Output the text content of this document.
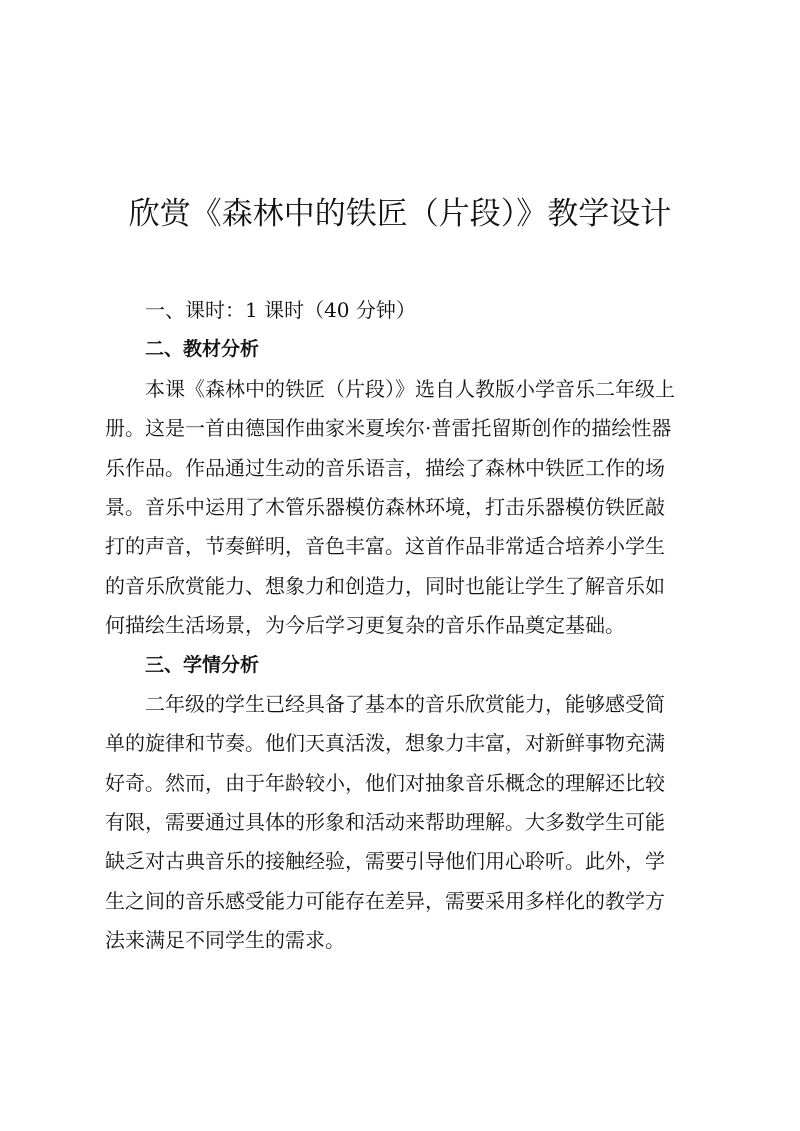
欣赏《森林中的铁匠（片段）》教学设计

一、课时：1 课时（40 分钟）

二、教材分析

本课《森林中的铁匠（片段）》选自人教版小学音乐二年级上

册。这是一首由德国作曲家米夏埃尔·普雷托留斯创作的描绘性器

乐作品。作品通过生动的音乐语言，描绘了森林中铁匠工作的场

景。音乐中运用了木管乐器模仿森林环境，打击乐器模仿铁匠敲

打的声音，节奏鲜明，音色丰富。这首作品非常适合培养小学生

的音乐欣赏能力、想象力和创造力，同时也能让学生了解音乐如

何描绘生活场景，为今后学习更复杂的音乐作品奠定基础。

三、学情分析

二年级的学生已经具备了基本的音乐欣赏能力，能够感受简

单的旋律和节奏。他们天真活泼，想象力丰富，对新鲜事物充满

好奇。然而，由于年龄较小，他们对抽象音乐概念的理解还比较

有限，需要通过具体的形象和活动来帮助理解。大多数学生可能

缺乏对古典音乐的接触经验，需要引导他们用心聆听。此外，学

生之间的音乐感受能力可能存在差异，需要采用多样化的教学方

法来满足不同学生的需求。
